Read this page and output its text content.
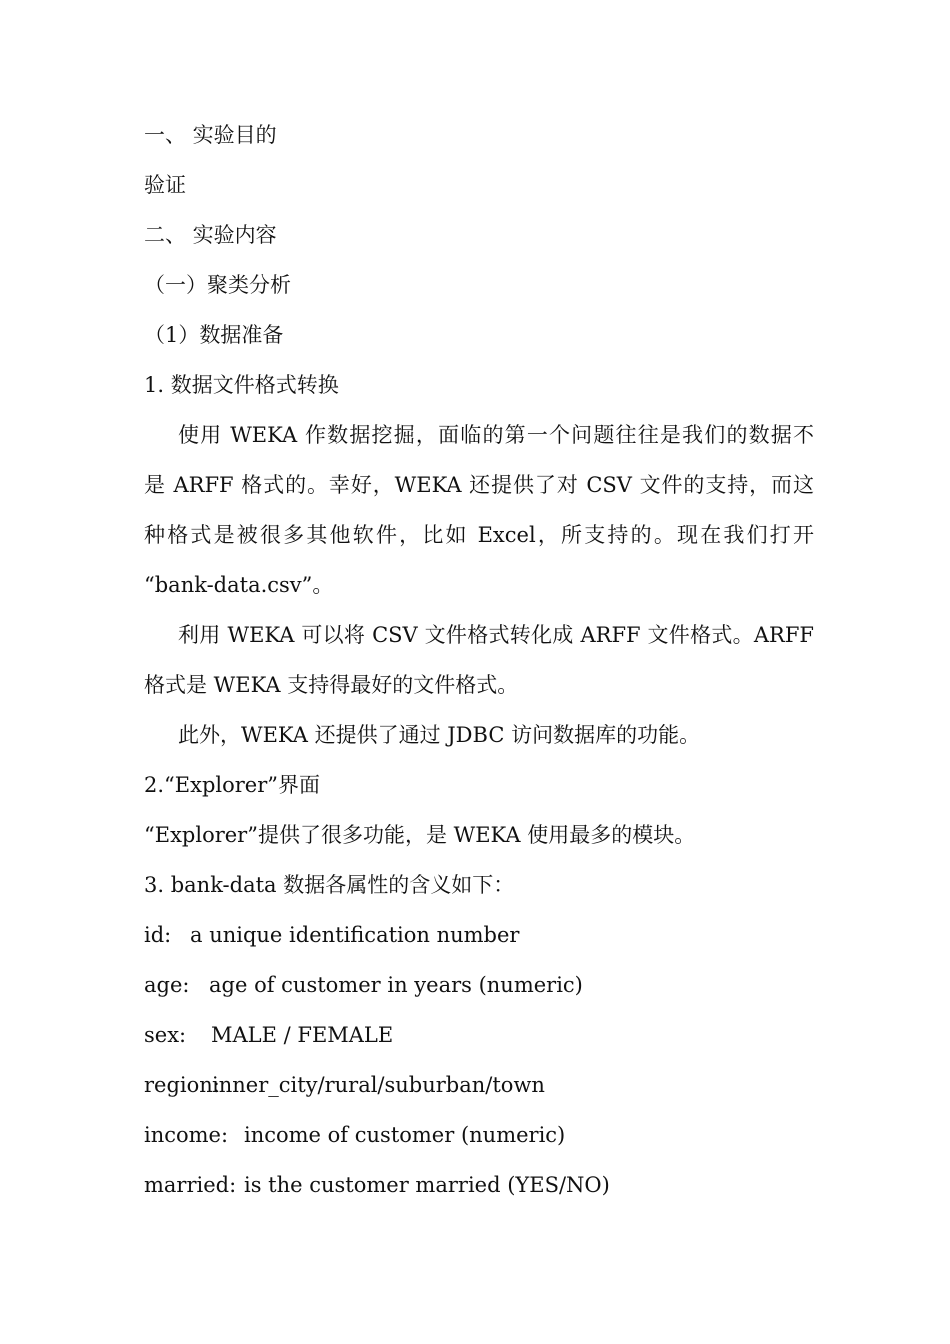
一、 实验目的
验证
二、 实验内容
（一）聚类分析
（1）数据准备
1. 数据文件格式转换
使用 WEKA 作数据挖掘，面临的第一个问题往往是我们的数据不
是 ARFF 格式的。幸好，WEKA 还提供了对 CSV 文件的支持，而这
种格式是被很多其他软件，比如 Excel，所支持的。现在我们打开
“bank-data.csv”。
利用 WEKA 可以将 CSV 文件格式转化成 ARFF 文件格式。ARFF
格式是 WEKA 支持得最好的文件格式。
此外，WEKA 还提供了通过 JDBC 访问数据库的功能。
2.“Explorer”界面
“Explorer”提供了很多功能，是 WEKA 使用最多的模块。
3. bank-data 数据各属性的含义如下：
id: a unique identification number
age: age of customer in years (numeric)
sex: MALE / FEMALE
region:inner_city/rural/suburban/town
income: income of customer (numeric)
married: is the customer married (YES/NO)
